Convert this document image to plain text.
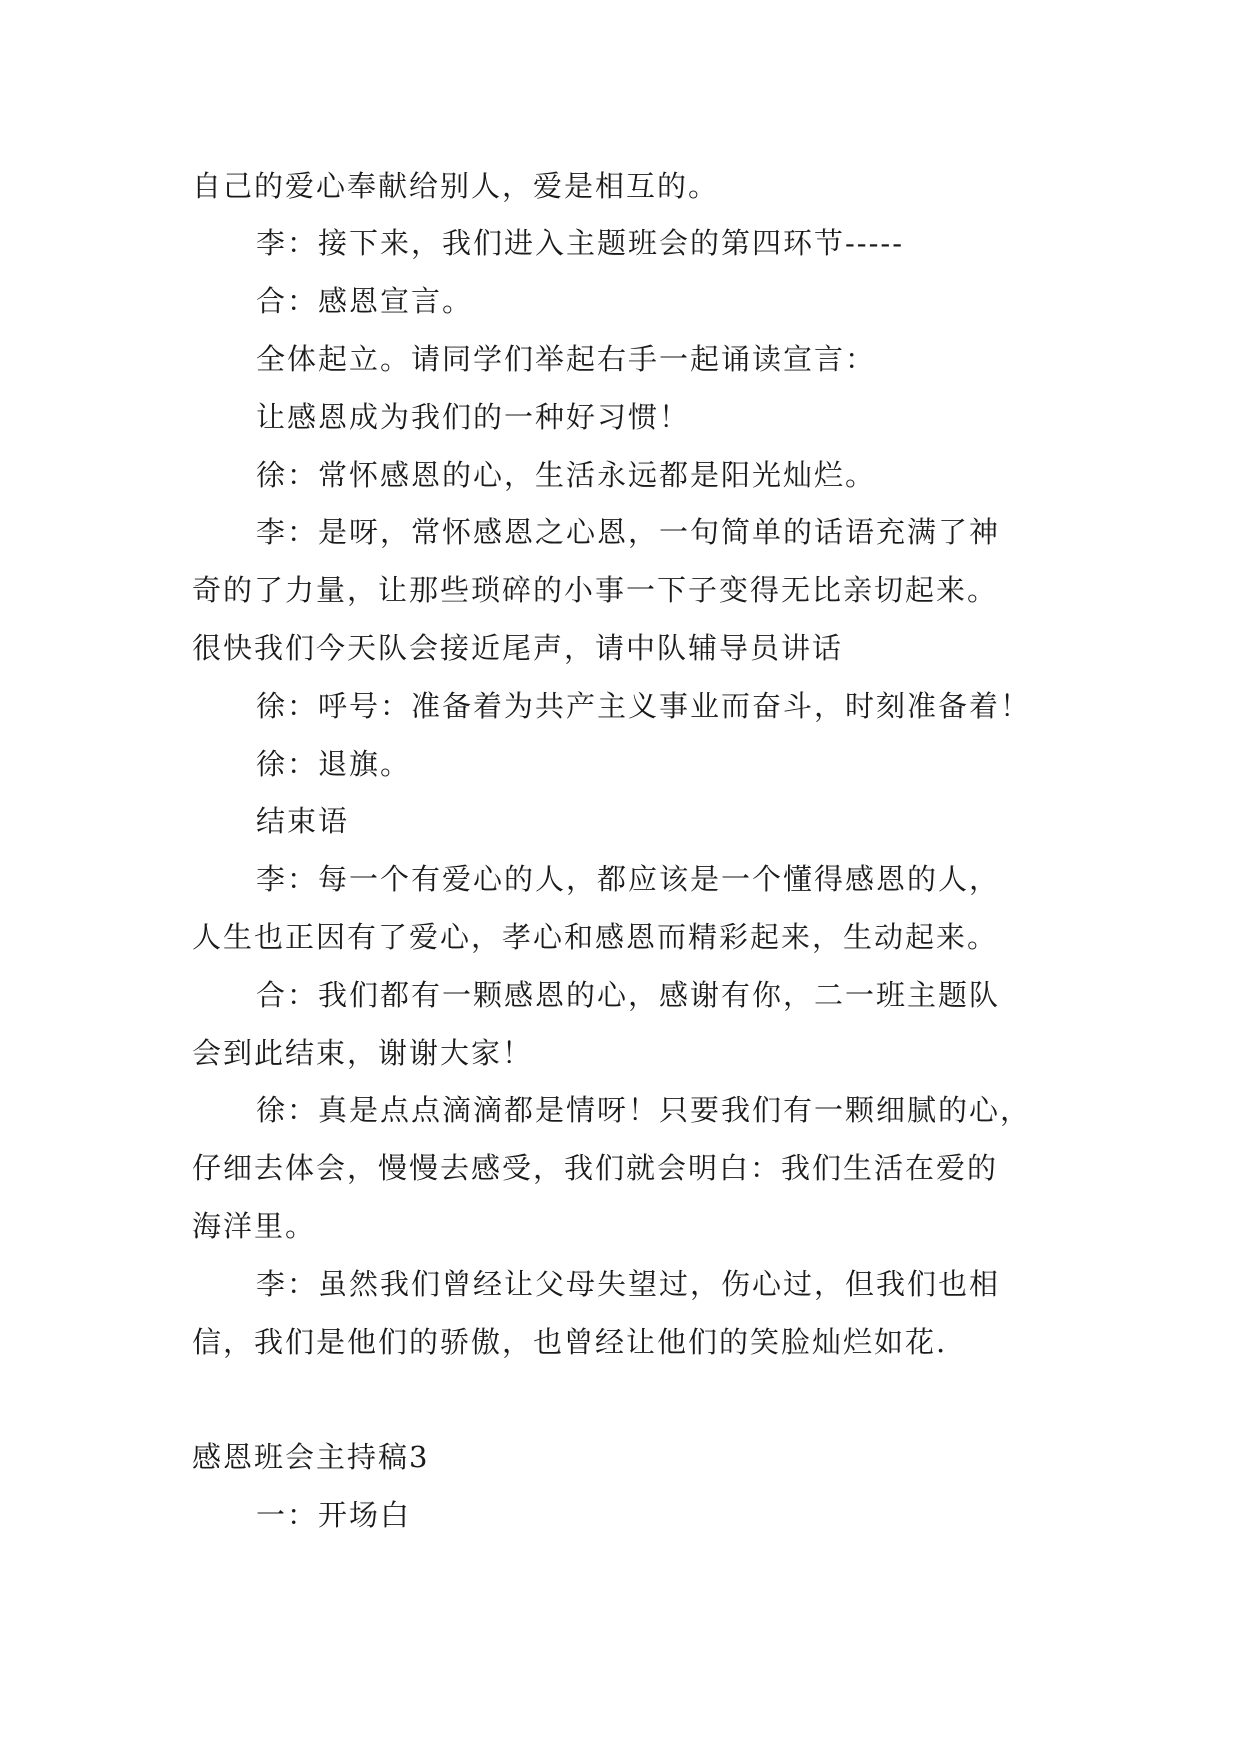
自己的爱心奉献给别人，爱是相互的。
李：接下来，我们进入主题班会的第四环节-----
合：感恩宣言。
全体起立。请同学们举起右手一起诵读宣言：
让感恩成为我们的一种好习惯！
徐：常怀感恩的心，生活永远都是阳光灿烂。
李：是呀，常怀感恩之心恩，一句简单的话语充满了神
奇的了力量，让那些琐碎的小事一下子变得无比亲切起来。
很快我们今天队会接近尾声，请中队辅导员讲话
徐：呼号：准备着为共产主义事业而奋斗，时刻准备着！
徐：退旗。
结束语
李：每一个有爱心的人，都应该是一个懂得感恩的人，
人生也正因有了爱心，孝心和感恩而精彩起来，生动起来。
合：我们都有一颗感恩的心，感谢有你，二一班主题队
会到此结束，谢谢大家！
徐：真是点点滴滴都是情呀！只要我们有一颗细腻的心，
仔细去体会，慢慢去感受，我们就会明白：我们生活在爱的
海洋里。
李：虽然我们曾经让父母失望过，伤心过，但我们也相
信，我们是他们的骄傲，也曾经让他们的笑脸灿烂如花.
感恩班会主持稿3
一：开场白
